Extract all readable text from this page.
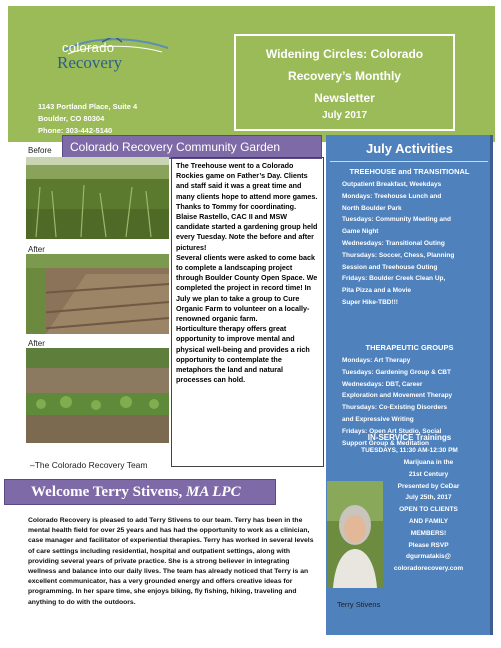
colorado
Recovery
1143 Portland Place, Suite 4
Boulder, CO 80304
Phone: 303-442-5140
Widening Circles: Colorado
Recovery’s Monthly
Newsletter
July 2017
Before Colorado Recovery Community Garden
After
After

The Treehouse went to a Colorado Rockies game on Father’s Day. Clients and staff said it was a great time and many clients hope to attend more games. Thanks to Tommy for coordinating.

Blaise Rastello, CAC II and MSW candidate started a gardening group held every Tuesday. Note the before and after pictures!

Several clients were asked to come back to complete a landscaping project through Boulder County Open Space. We completed the project in record time! In July we plan to take a group to Cure Organic Farm to volunteer on a locally-renowned organic farm.

Horticulture therapy offers great opportunity to improve mental and physical well-being and provides a rich opportunity to contemplate the metaphors the land and natural processes can hold.

–The Colorado Recovery Team
July Activities
TREEHOUSE and TRANSITIONAL
Outpatient Breakfast, Weekdays
Mondays: Treehouse Lunch and
North Boulder Park
Tuesdays: Community Meeting and
Game Night
Wednesdays: Transitional Outing
Thursdays: Soccer, Chess, Planning
Session and Treehouse Outing
Fridays: Boulder Creek Clean Up,
Pita Pizza and a Movie
Super Hike-TBD!!!
THERAPEUTIC GROUPS
Mondays: Art Therapy
Tuesdays: Gardening Group & CBT
Wednesdays: DBT, Career
Exploration and Movement Therapy
Thursdays: Co-Existing Disorders
and Expressive Writing
Fridays: Open Art Studio, Social
Support Group & Meditation
IN-SERVICE Trainings
TUESDAYS, 11:30 AM-12:30 PM
Marijuana in the
21st Century
Presented by CeDar
July 25th, 2017
OPEN TO CLIENTS
AND FAMILY
MEMBERS!
Please RSVP
dgurmatakis@
coloradorecovery.com
Welcome Terry Stivens, MA LPC
Colorado Recovery is pleased to add Terry Stivens to our team. Terry has been in the mental health field for over 25 years and has had the opportunity to work as a clinician, case manager and facilitator of experiential therapies. Terry has worked in several levels of care settings including residential, hospital and outpatient settings, along with providing several years of private practice. She is a strong believer in integrating wellness and balance into our daily lives. The team has already noticed that Terry is an excellent communicator, has a very grounded energy and offers creative ideas for programming. In her spare time, she enjoys biking, fly fishing, hiking, traveling and anything to do with the outdoors.	Terry Stivens
